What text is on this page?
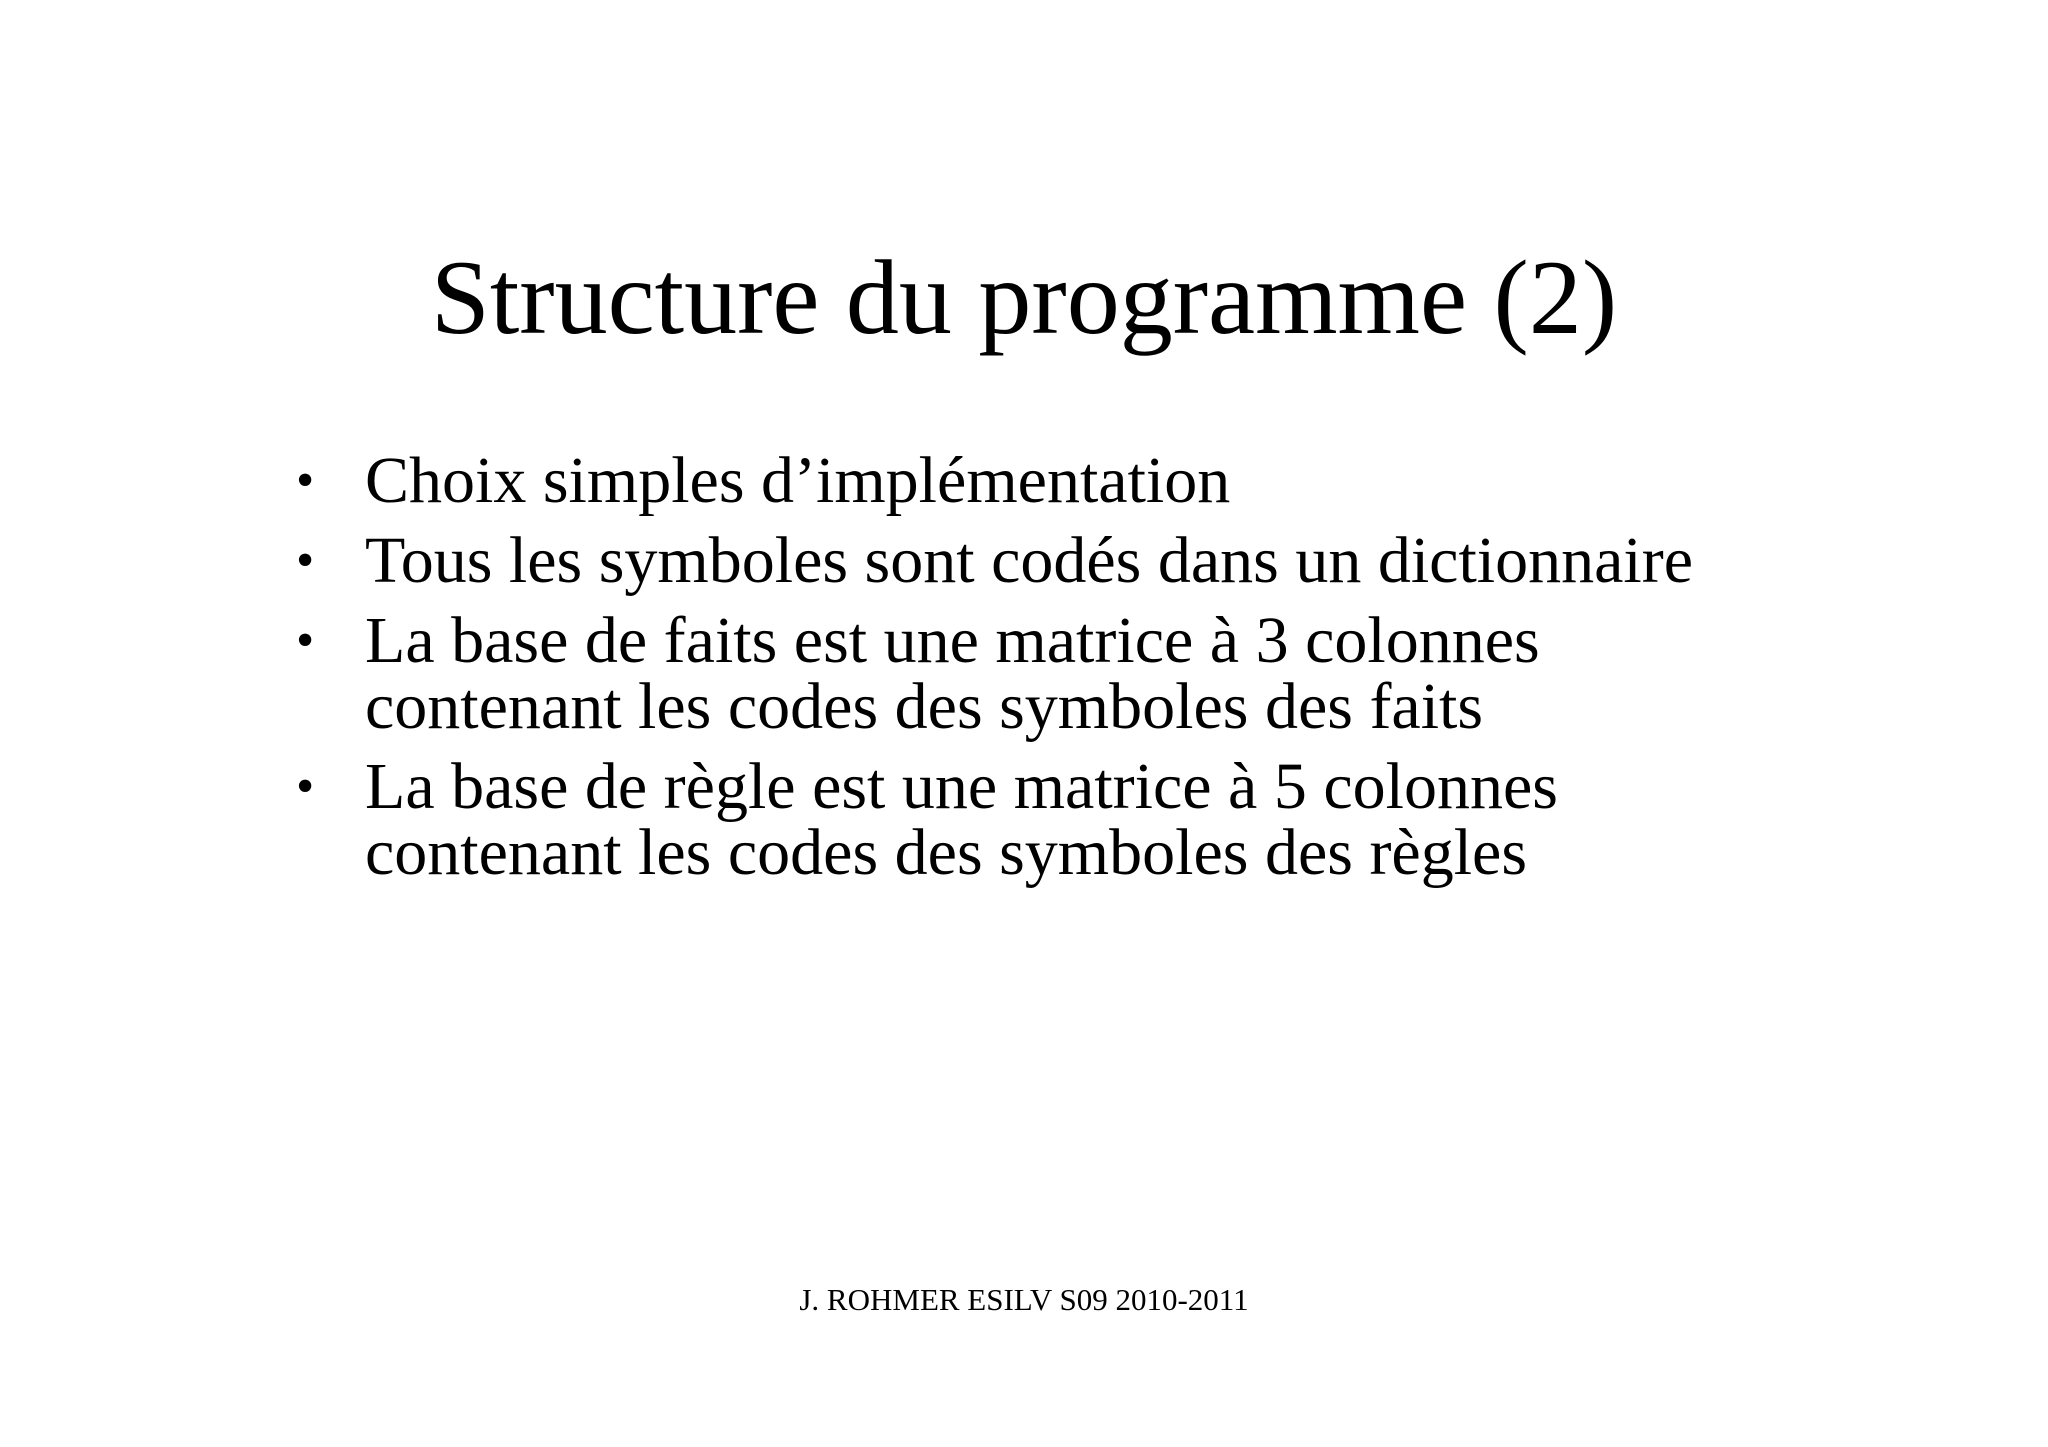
Structure du programme (2)
• Choix simples d’implémentation
• Tous les symboles sont codés dans un dictionnaire
• La base de faits est une matrice à 3 colonnes
contenant les codes des symboles des faits
• La base de règle est une matrice à 5 colonnes
contenant les codes des symboles des règles
J. ROHMER ESILV S09 2010-2011
